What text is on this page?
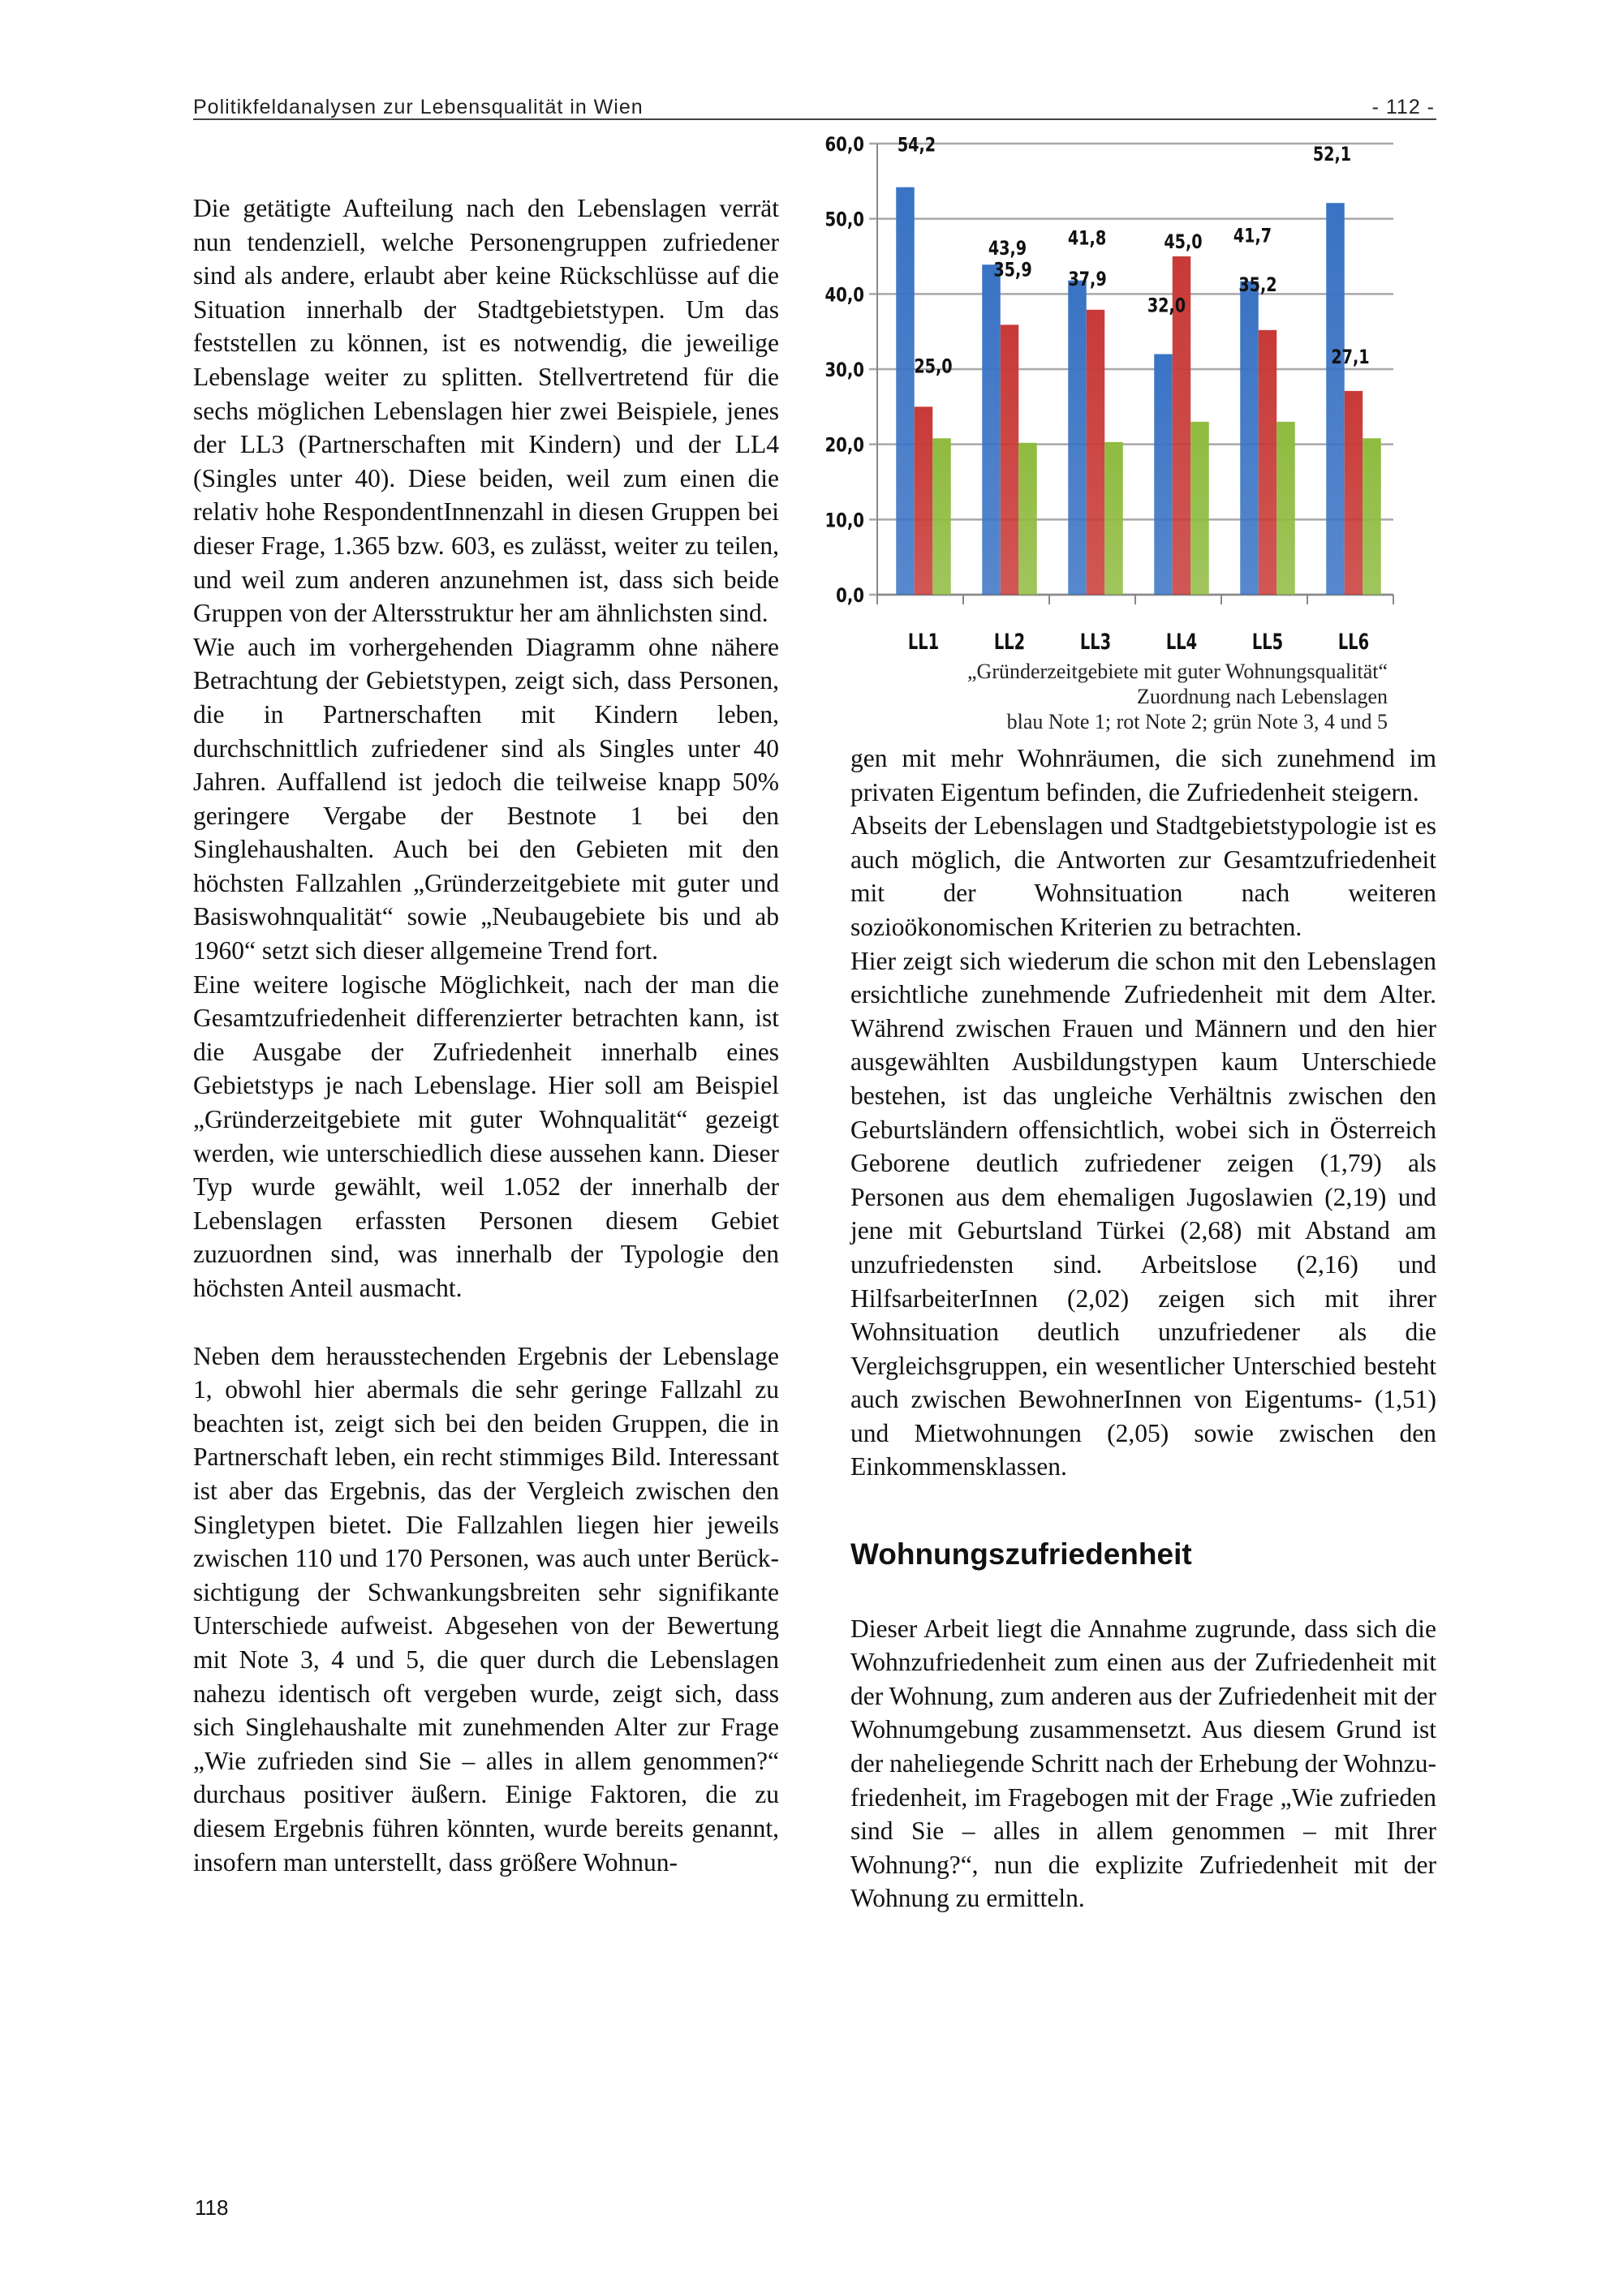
Politikfeldanalysen zur Lebensqualität in Wien	- 112 -

Die getätigte Aufteilung nach den Lebenslagen verrät nun tendenziell, welche Personengruppen zufriedener sind als andere, erlaubt aber keine Rückschlüsse auf die Situation innerhalb der Stadtgebietstypen. Um das feststellen zu können, ist es notwendig, die jeweilige Lebenslage weiter zu splitten. Stellvertretend für die sechs möglichen Lebenslagen hier zwei Beispiele, jenes der LL3 (Partnerschaften mit Kindern) und der LL4 (Singles unter 40). Diese beiden, weil zum einen die relativ hohe RespondentInnenzahl in diesen Gruppen bei dieser Frage, 1.365 bzw. 603, es zulässt, weiter zu teilen, und weil zum anderen anzunehmen ist, dass sich beide Gruppen von der Altersstruktur her am ähnlichsten sind.

Wie auch im vorhergehenden Diagramm ohne nähere Betrachtung der Gebietstypen, zeigt sich, dass Personen, die in Partnerschaften mit Kindern leben, durchschnittlich zufriedener sind als Singles unter 40 Jahren. Auffallend ist jedoch die teilweise knapp 50% geringere Vergabe der Bestnote 1 bei den Singlehaushalten. Auch bei den Gebieten mit den höchsten Fallzahlen „Gründerzeitgebiete mit guter und Basiswohnqualität“ sowie „Neubaugebiete bis und ab 1960“ setzt sich dieser allgemeine Trend fort.

Eine weitere logische Möglichkeit, nach der man die Gesamtzufriedenheit differenzierter betrachten kann, ist die Ausgabe der Zufriedenheit innerhalb eines Gebietstyps je nach Lebenslage. Hier soll am Beispiel „Gründerzeitgebiete mit guter Wohnqualität“ gezeigt werden, wie unterschiedlich diese aussehen kann. Dieser Typ wurde gewählt, weil 1.052 der innerhalb der Lebenslagen erfassten Personen diesem Gebiet zuzuordnen sind, was innerhalb der Typologie den höchsten Anteil ausmacht.

Neben dem herausstechenden Ergebnis der Lebenslage 1, obwohl hier abermals die sehr geringe Fallzahl zu beachten ist, zeigt sich bei den beiden Gruppen, die in Partnerschaft leben, ein recht stimmiges Bild. Interessant ist aber das Ergebnis, das der Vergleich zwischen den Singletypen bietet. Die Fallzahlen liegen hier jeweils zwischen 110 und 170 Personen, was auch unter Berücksichtigung der Schwankungsbreiten sehr signifikante Unterschiede aufweist. Abgesehen von der Bewertung mit Note 3, 4 und 5, die quer durch die Lebenslagen nahezu identisch oft vergeben wurde, zeigt sich, dass sich Singlehaushalte mit zunehmenden Alter zur Frage „Wie zufrieden sind Sie – alles in allem genommen?“ durchaus positiver äußern. Einige Faktoren, die zu diesem Ergebnis führen könnten, wurde bereits genannt, insofern man unterstellt, dass größere Wohnun-

0,0
10,0
20,0
30,0
40,0
50,0
60,0
LL1	LL2	LL3	LL4	LL5	LL6
54,2
43,9 41,8
32,0
41,7
52,1
25,0
35,9 37,9
45,0
35,2
27,1
„Gründerzeitgebiete mit guter Wohnungsqualität“
Zuordnung nach Lebenslagen
blau Note 1; rot Note 2; grün Note 3, 4 und 5

gen mit mehr Wohnräumen, die sich zunehmend im privaten Eigentum befinden, die Zufriedenheit steigern.

Abseits der Lebenslagen und Stadtgebietstypologie ist es auch möglich, die Antworten zur Gesamtzufriedenheit mit der Wohnsituation nach weiteren sozioökonomischen Kriterien zu betrachten.

Hier zeigt sich wiederum die schon mit den Lebenslagen ersichtliche zunehmende Zufriedenheit mit dem Alter. Während zwischen Frauen und Männern und den hier ausgewählten Ausbildungstypen kaum Unterschiede bestehen, ist das ungleiche Verhältnis zwischen den Geburtsländern offensichtlich, wobei sich in Österreich Geborene deutlich zufriedener zeigen (1,79) als Personen aus dem ehemaligen Jugoslawien (2,19) und jene mit Geburtsland Türkei (2,68) mit Abstand am unzufriedensten sind. Arbeitslose (2,16) und HilfsarbeiterInnen (2,02) zeigen sich mit ihrer Wohnsituation deutlich unzufriedener als die Vergleichsgruppen, ein wesentlicher Unterschied besteht auch zwischen BewohnerInnen von Eigentums- (1,51) und Mietwohnungen (2,05) sowie zwischen den Einkommensklassen.

Wohnungszufriedenheit

Dieser Arbeit liegt die Annahme zugrunde, dass sich die Wohnzufriedenheit zum einen aus der Zufriedenheit mit der Wohnung, zum anderen aus der Zufriedenheit mit der Wohnumgebung zusammensetzt. Aus diesem Grund ist der naheliegende Schritt nach der Erhebung der Wohnzufriedenheit, im Fragebogen mit der Frage „Wie zufrieden sind Sie – alles in allem genommen – mit Ihrer Wohnung?“, nun die explizite Zufriedenheit mit der Wohnung zu ermitteln.

118
